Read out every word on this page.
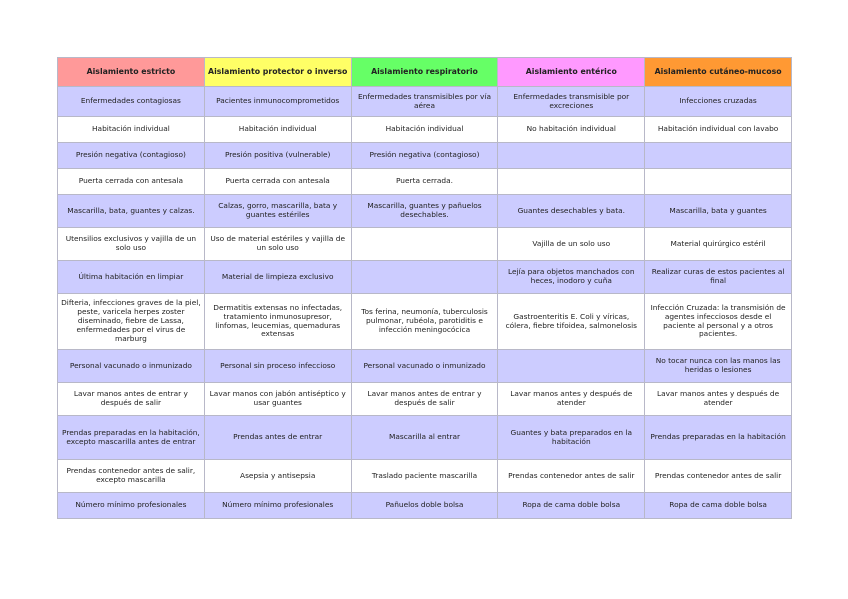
Aislamiento estricto	Aislamiento protector o inverso	Aislamiento respiratorio	Aislamiento entérico	Aislamiento cutáneo-mucoso
Enfermedades contagiosas	Pacientes inmunocomprometidos	Enfermedades transmisibles por vía aérea	Enfermedades transmisible por excreciones	Infecciones cruzadas
Habitación individual	Habitación individual	Habitación individual	No habitación individual	Habitación individual con lavabo
Presión negativa (contagioso)	Presión positiva (vulnerable)	Presión negativa (contagioso)		
Puerta cerrada con antesala	Puerta cerrada con antesala	Puerta cerrada.		
Mascarilla, bata, guantes y calzas.	Calzas, gorro, mascarilla, bata y guantes estériles	Mascarilla, guantes y pañuelos desechables.	Guantes desechables y bata.	Mascarilla, bata y guantes
Utensilios exclusivos y vajilla de un solo uso	Uso de material estériles y vajilla de un solo uso		Vajilla de un solo uso	Material quirúrgico estéril
Última habitación en limpiar	Material de limpieza exclusivo		Lejía para objetos manchados con heces, inodoro y cuña	Realizar curas de estos pacientes al final
Difteria, infecciones graves de la piel, peste, varicela herpes zoster diseminado, fiebre de Lassa, enfermedades por el virus de marburg	Dermatitis extensas no infectadas, tratamiento inmunosupresor, linfomas, leucemias, quemaduras extensas	Tos ferina, neumonía, tuberculosis pulmonar, rubéola, parotiditis e infección meningocócica	Gastroenteritis E. Coli y víricas, cólera, fiebre tifoidea, salmonelosis	Infección Cruzada: la transmisión de agentes infecciosos desde el paciente al personal y a otros pacientes.
Personal vacunado o inmunizado	Personal sin proceso infeccioso	Personal vacunado o inmunizado		No tocar nunca con las manos las heridas o lesiones
Lavar manos antes de entrar y después de salir	Lavar manos con jabón antiséptico y usar guantes	Lavar manos antes de entrar y después de salir	Lavar manos antes y después de atender	Lavar manos antes y después de atender
Prendas preparadas en la habitación, excepto mascarilla antes de entrar	Prendas antes de entrar	Mascarilla al entrar	Guantes y bata preparados en la habitación	Prendas preparadas en la habitación
Prendas contenedor antes de salir, excepto mascarilla	Asepsia y antisepsia	Traslado paciente mascarilla	Prendas contenedor antes de salir	Prendas contenedor antes de salir
Número mínimo profesionales	Número mínimo profesionales	Pañuelos doble bolsa	Ropa de cama doble bolsa	Ropa de cama doble bolsa
